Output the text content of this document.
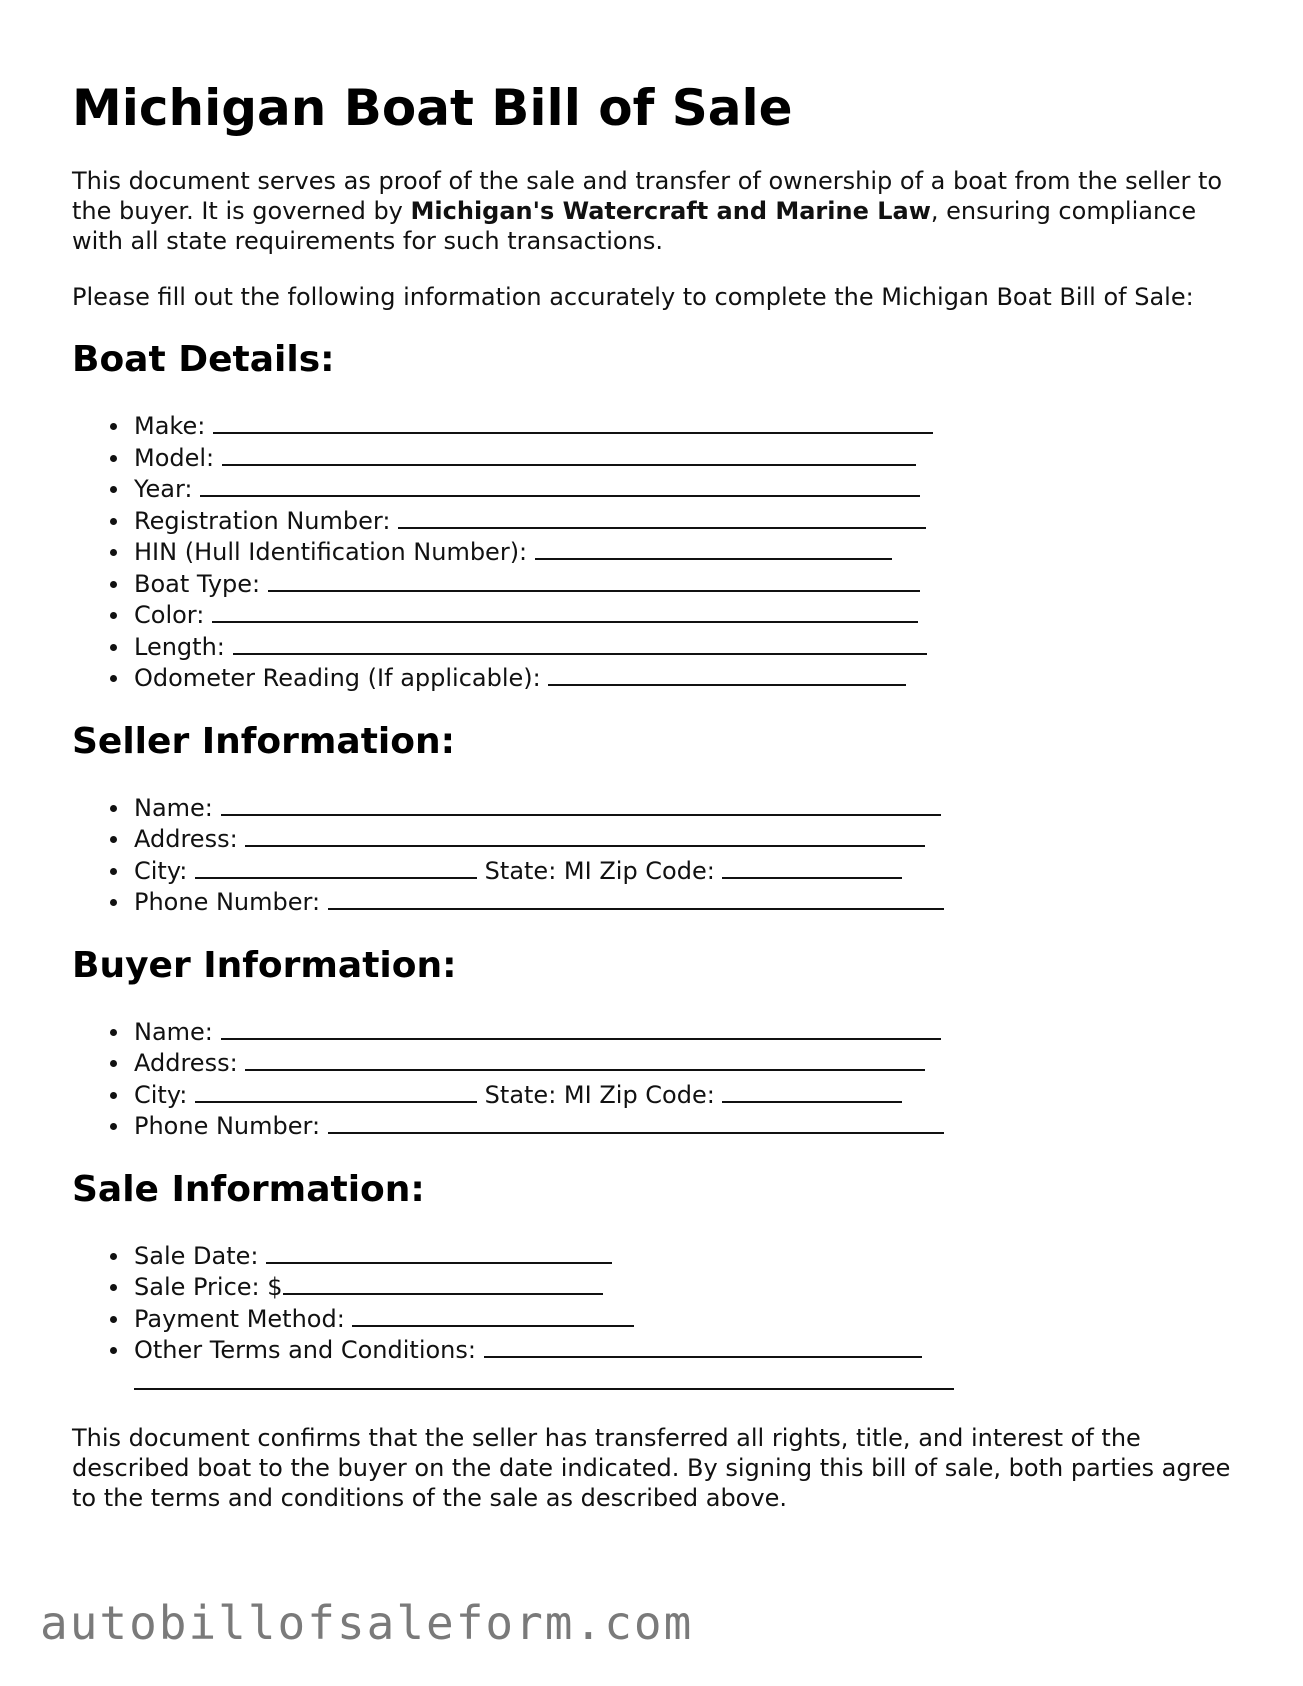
Michigan Boat Bill of Sale

This document serves as proof of the sale and transfer of ownership of a boat from the seller to the buyer. It is governed by Michigan's Watercraft and Marine Law, ensuring compliance with all state requirements for such transactions.

Please fill out the following information accurately to complete the Michigan Boat Bill of Sale:

Boat Details:
Make:
Model:
Year:
Registration Number:
HIN (Hull Identification Number):
Boat Type:
Color:
Length:
Odometer Reading (If applicable):
Seller Information:
Name:
Address:
City:	State: MI Zip Code:
Phone Number:
Buyer Information:
Name:
Address:
City:	State: MI Zip Code:
Phone Number:
Sale Information:
Sale Date:
Sale Price: $
Payment Method:
Other Terms and Conditions:

This document confirms that the seller has transferred all rights, title, and interest of the described boat to the buyer on the date indicated. By signing this bill of sale, both parties agree to the terms and conditions of the sale as described above.

autobillofsaleform.com
